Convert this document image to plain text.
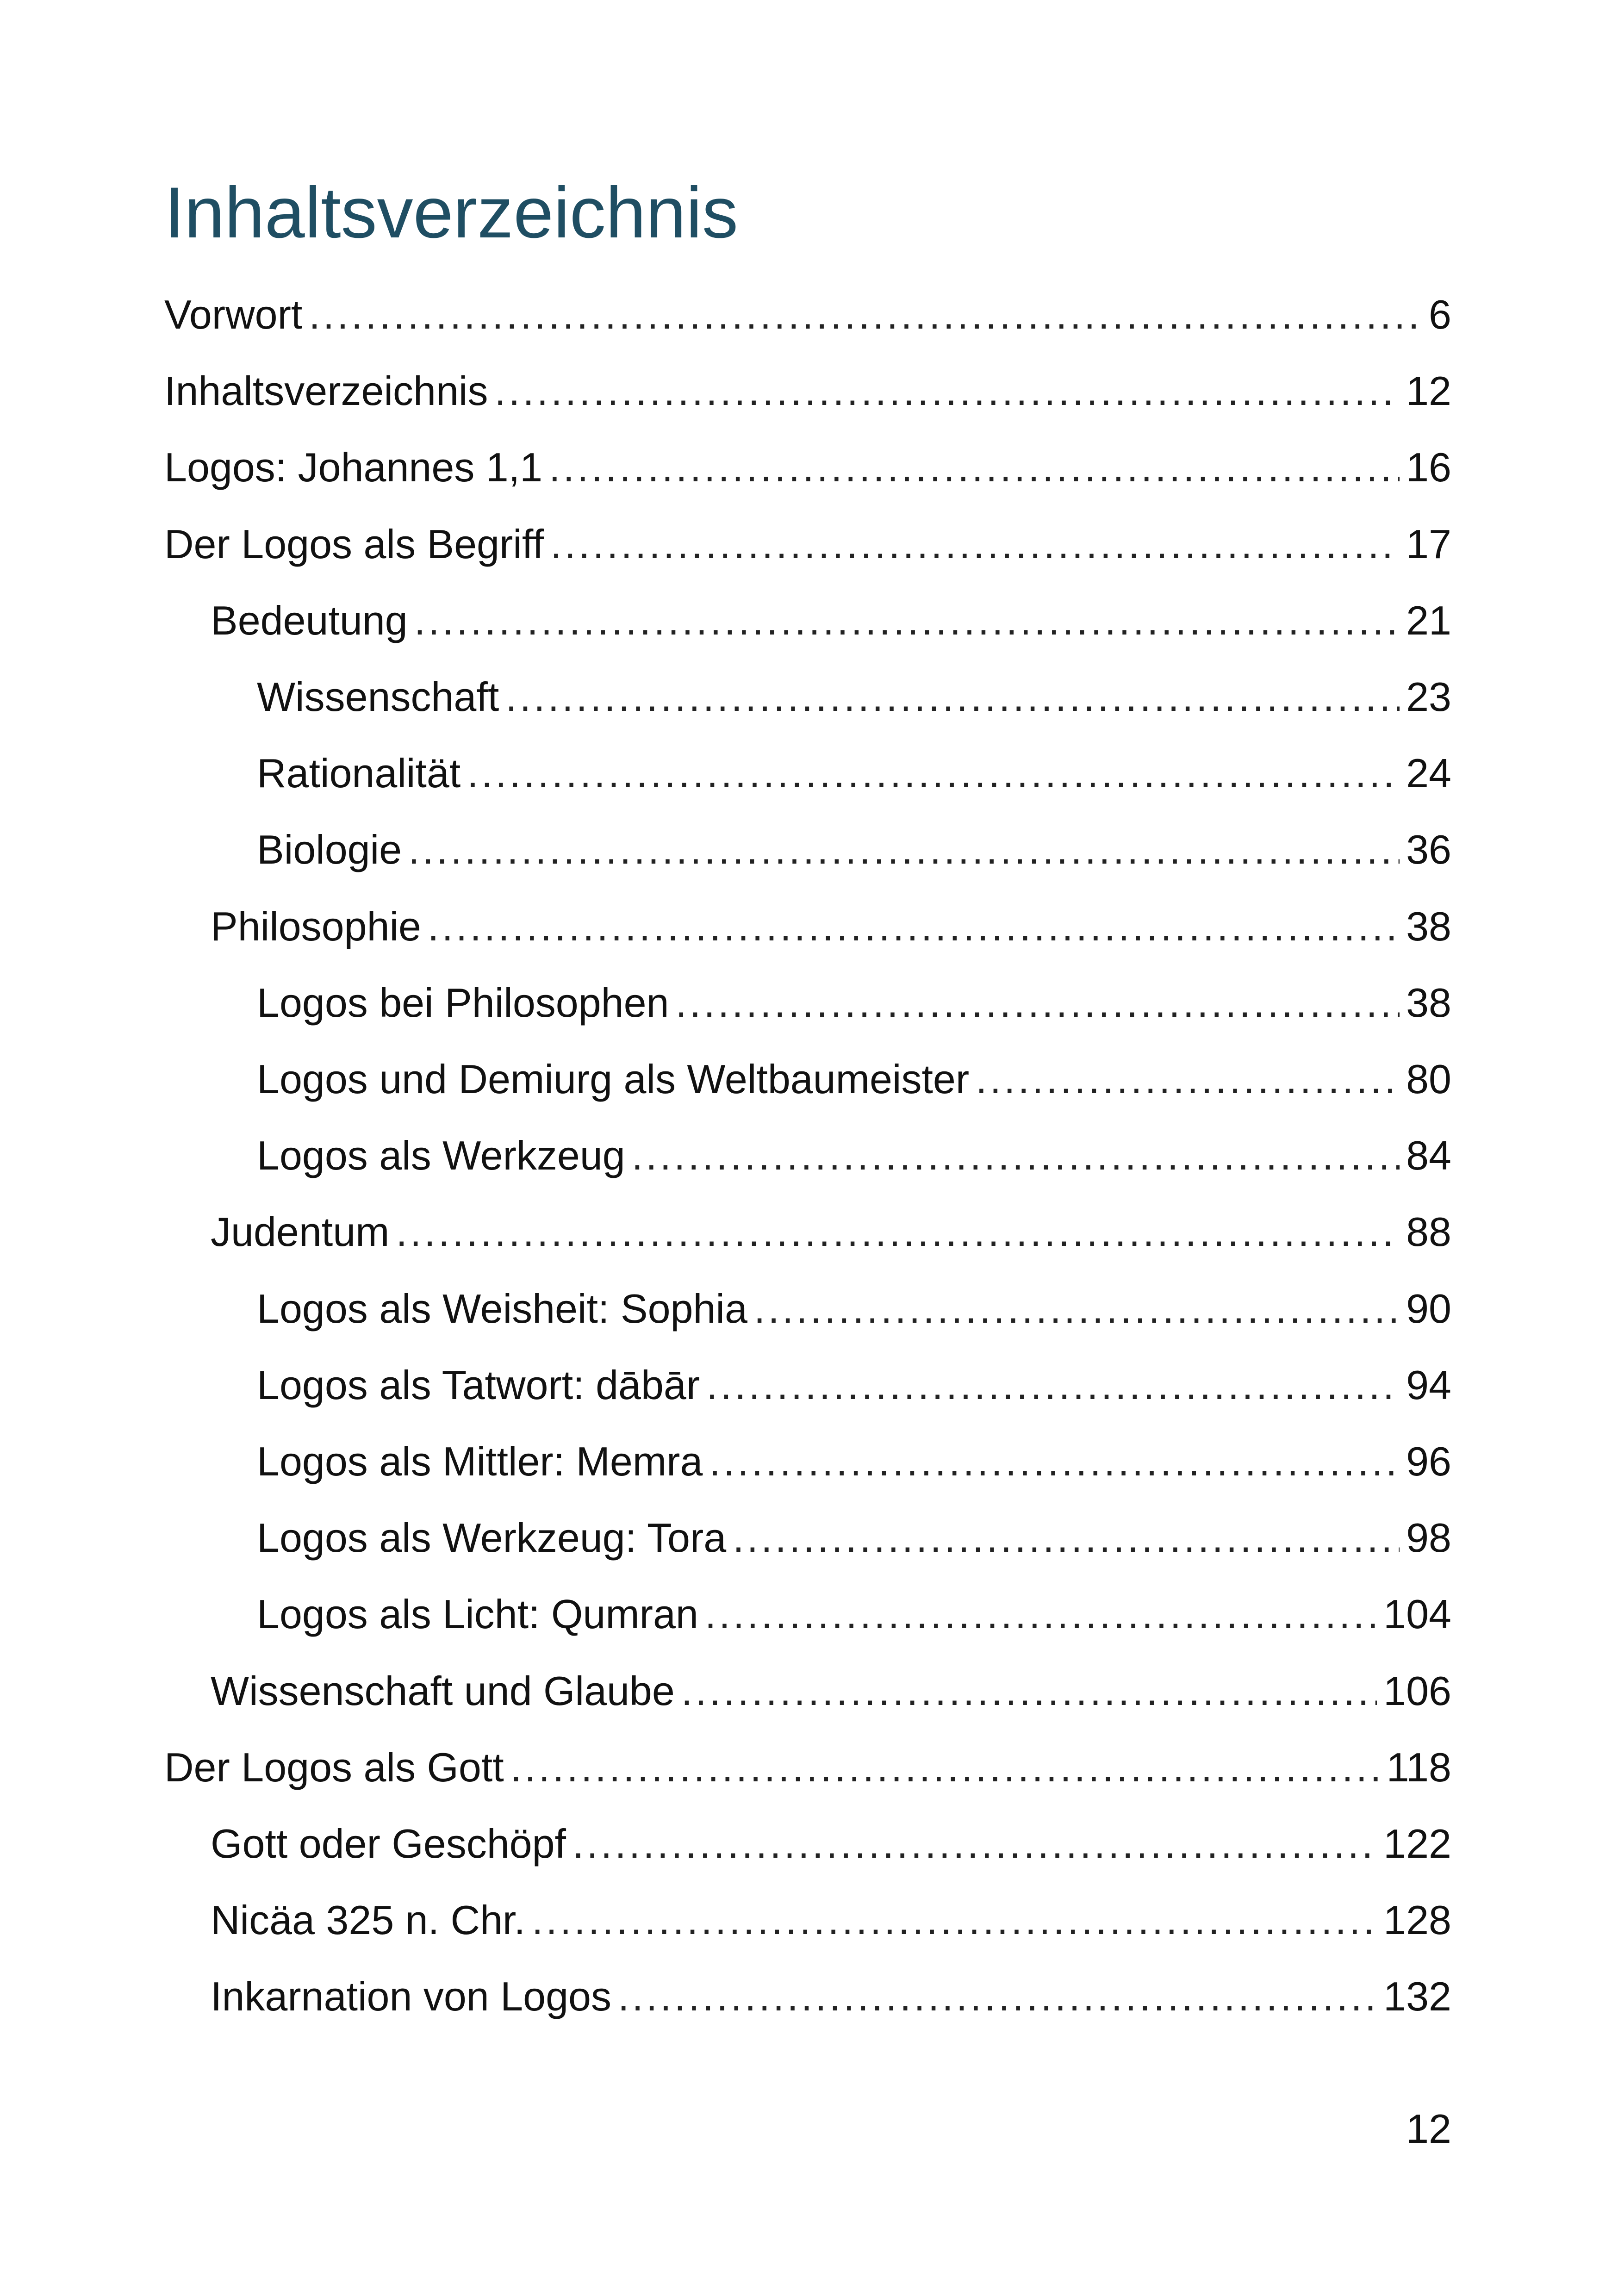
Inhaltsverzeichnis
Vorwort .....	6
Inhaltsverzeichnis .....	12
Logos: Johannes 1,1 .....	16
Der Logos als Begriff .....	17
Bedeutung .....	21
Wissenschaft .....	23
Rationalität .....	24
Biologie .....	36
Philosophie .....	38
Logos bei Philosophen .....	38
Logos und Demiurg als Weltbaumeister .....	80
Logos als Werkzeug .....	84
Judentum .....	88
Logos als Weisheit: Sophia .....	90
Logos als Tatwort: dābār .....	94
Logos als Mittler: Memra .....	96
Logos als Werkzeug: Tora .....	98
Logos als Licht: Qumran .....	104
Wissenschaft und Glaube .....	106
Der Logos als Gott .....	118
Gott oder Geschöpf .....	122
Nicäa 325 n. Chr. .....	128
Inkarnation von Logos .....	132
12
